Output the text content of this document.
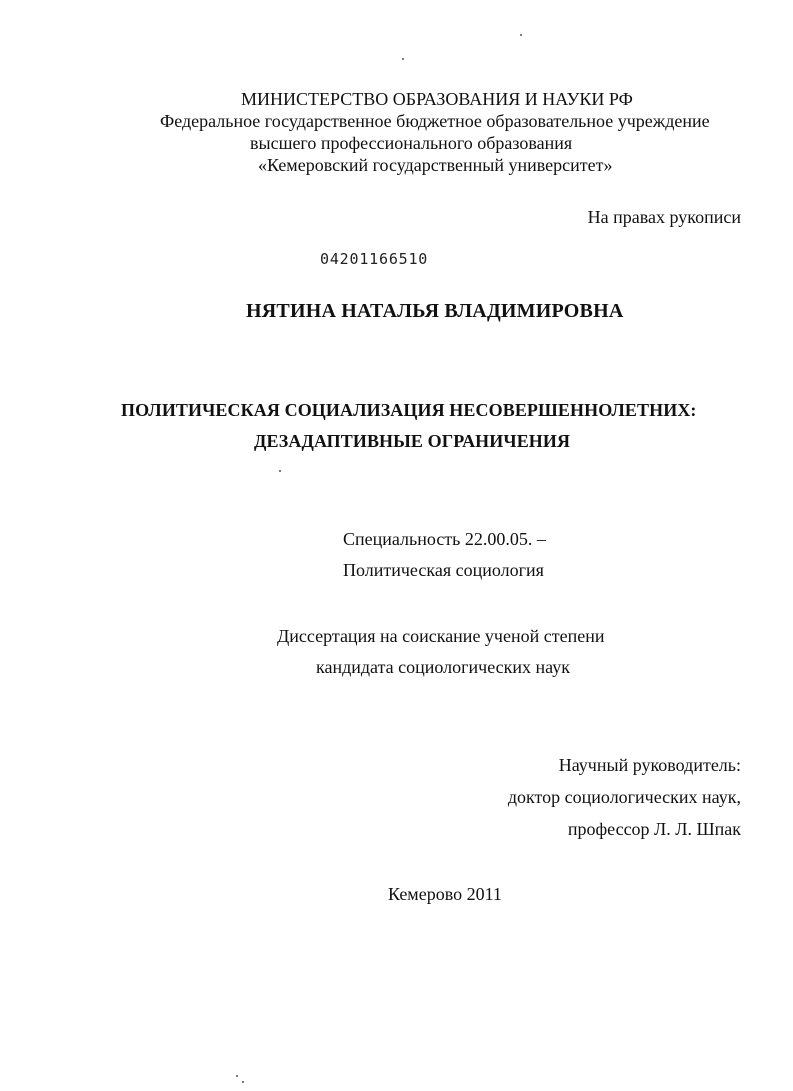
МИНИСТЕРСТВО ОБРАЗОВАНИЯ И НАУКИ РФ
Федеральное государственное бюджетное образовательное учреждение
высшего профессионального образования
«Кемеровский государственный университет»
На правах рукописи
04201166510
НЯТИНА НАТАЛЬЯ ВЛАДИМИРОВНА
ПОЛИТИЧЕСКАЯ СОЦИАЛИЗАЦИЯ НЕСОВЕРШЕННОЛЕТНИХ:
ДЕЗАДАПТИВНЫЕ ОГРАНИЧЕНИЯ
Специальность 22.00.05. –
Политическая социология
Диссертация на соискание ученой степени
кандидата социологических наук
Научный руководитель:
доктор социологических наук,
профессор Л. Л. Шпак
Кемерово 2011
